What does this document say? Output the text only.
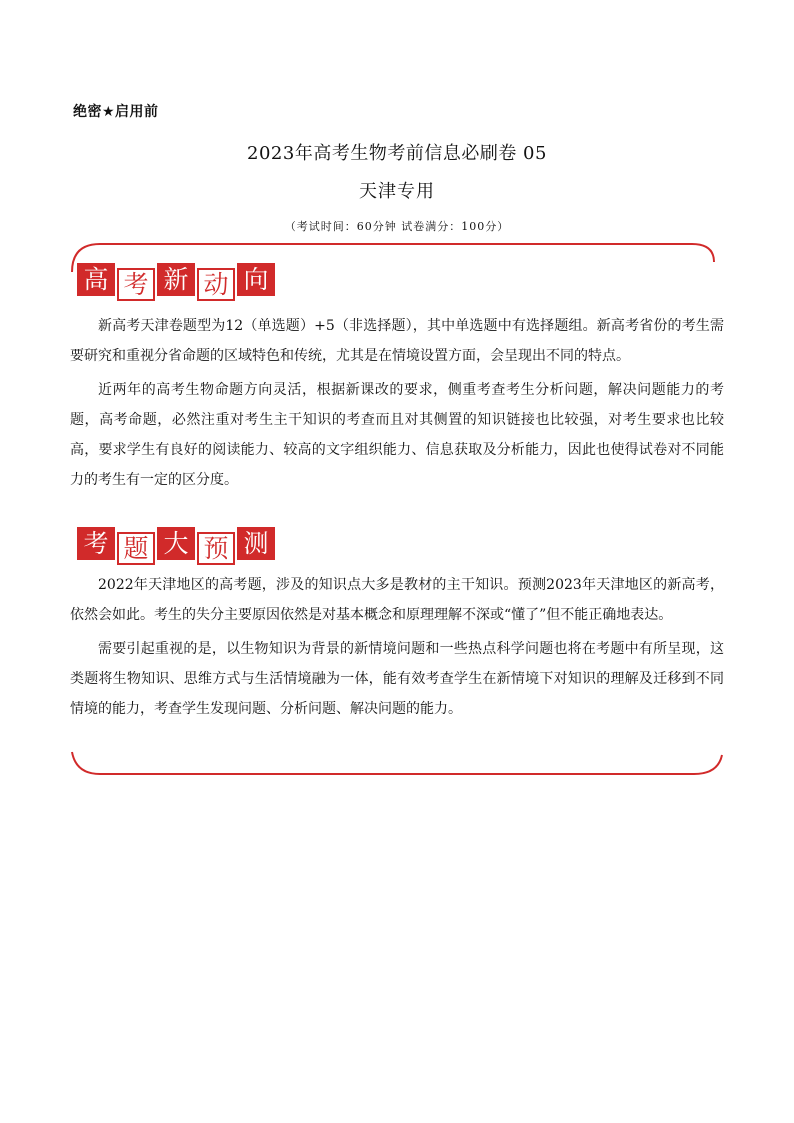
绝密★启用前
2023年高考生物考前信息必刷卷 05
天津专用
（考试时间：60分钟 试卷满分：100分）
高 考 新 动 向

新高考天津卷题型为12（单选题）+5（非选择题），其中单选题中有选择题组。新高考省份的考生需要研究和重视分省命题的区域特色和传统，尤其是在情境设置方面，会呈现出不同的特点。

近两年的高考生物命题方向灵活，根据新课改的要求，侧重考查考生分析问题，解决问题能力的考题，高考命题，必然注重对考生主干知识的考查而且对其侧置的知识链接也比较强，对考生要求也比较高，要求学生有良好的阅读能力、较高的文字组织能力、信息获取及分析能力，因此也使得试卷对不同能力的考生有一定的区分度。

考 题 大 预 测

2022年天津地区的高考题，涉及的知识点大多是教材的主干知识。预测2023年天津地区的新高考，依然会如此。考生的失分主要原因依然是对基本概念和原理理解不深或“懂了”但不能正确地表达。

需要引起重视的是，以生物知识为背景的新情境问题和一些热点科学问题也将在考题中有所呈现，这类题将生物知识、思维方式与生活情境融为一体，能有效考查学生在新情境下对知识的理解及迁移到不同情境的能力，考查学生发现问题、分析问题、解决问题的能力。
